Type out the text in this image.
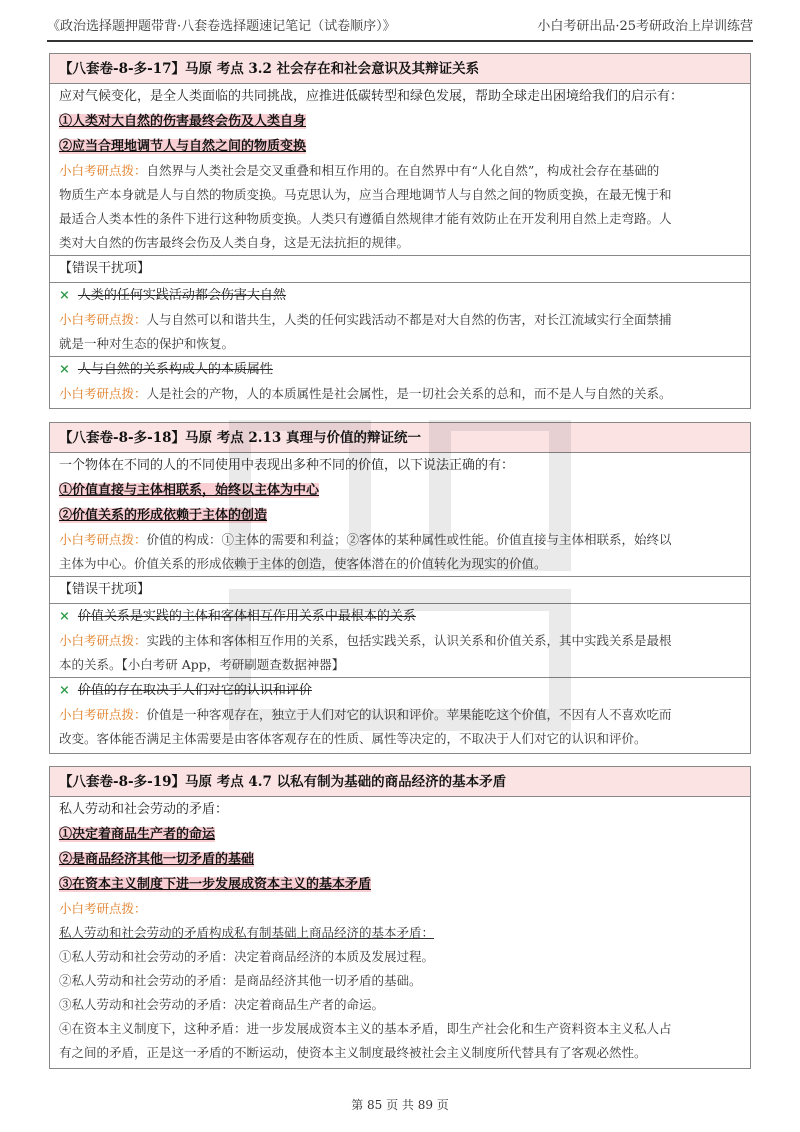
《政治选择题押题带背·八套卷选择题速记笔记（试卷顺序）》	小白考研出品·25考研政治上岸训练营
【八套卷-8-多-17】马原 考点 3.2 社会存在和社会意识及其辩证关系
应对气候变化，是全人类面临的共同挑战，应推进低碳转型和绿色发展，帮助全球走出困境给我们的启示有：
①人类对大自然的伤害最终会伤及人类自身
②应当合理地调节人与自然之间的物质变换
小白考研点拨：自然界与人类社会是交叉重叠和相互作用的。在自然界中有“人化自然”，构成社会存在基础的
物质生产本身就是人与自然的物质变换。马克思认为，应当合理地调节人与自然之间的物质变换，在最无愧于和
最适合人类本性的条件下进行这种物质变换。人类只有遵循自然规律才能有效防止在开发利用自然上走弯路。人
类对大自然的伤害最终会伤及人类自身，这是无法抗拒的规律。
【错误干扰项】
× 人类的任何实践活动都会伤害大自然
小白考研点拨：人与自然可以和谐共生，人类的任何实践活动不都是对大自然的伤害，对长江流域实行全面禁捕
就是一种对生态的保护和恢复。
× 人与自然的关系构成人的本质属性
小白考研点拨：人是社会的产物，人的本质属性是社会属性，是一切社会关系的总和，而不是人与自然的关系。
【八套卷-8-多-18】马原 考点 2.13 真理与价值的辩证统一
一个物体在不同的人的不同使用中表现出多种不同的价值，以下说法正确的有：
①价值直接与主体相联系，始终以主体为中心
②价值关系的形成依赖于主体的创造
小白考研点拨：价值的构成：①主体的需要和利益；②客体的某种属性或性能。价值直接与主体相联系，始终以
主体为中心。价值关系的形成依赖于主体的创造，使客体潜在的价值转化为现实的价值。
【错误干扰项】
× 价值关系是实践的主体和客体相互作用关系中最根本的关系
小白考研点拨：实践的主体和客体相互作用的关系，包括实践关系，认识关系和价值关系，其中实践关系是最根
本的关系。【小白考研 App，考研刷题查数据神器】
× 价值的存在取决于人们对它的认识和评价
小白考研点拨：价值是一种客观存在，独立于人们对它的认识和评价。苹果能吃这个价值，不因有人不喜欢吃而
改变。客体能否满足主体需要是由客体客观存在的性质、属性等决定的，不取决于人们对它的认识和评价。
【八套卷-8-多-19】马原 考点 4.7 以私有制为基础的商品经济的基本矛盾
私人劳动和社会劳动的矛盾：
①决定着商品生产者的命运
②是商品经济其他一切矛盾的基础
③在资本主义制度下进一步发展成资本主义的基本矛盾
小白考研点拨：
私人劳动和社会劳动的矛盾构成私有制基础上商品经济的基本矛盾：
①私人劳动和社会劳动的矛盾：决定着商品经济的本质及发展过程。
②私人劳动和社会劳动的矛盾：是商品经济其他一切矛盾的基础。
③私人劳动和社会劳动的矛盾：决定着商品生产者的命运。
④在资本主义制度下，这种矛盾：进一步发展成资本主义的基本矛盾，即生产社会化和生产资料资本主义私人占
有之间的矛盾，正是这一矛盾的不断运动，使资本主义制度最终被社会主义制度所代替具有了客观必然性。
第 85 页 共 89 页
